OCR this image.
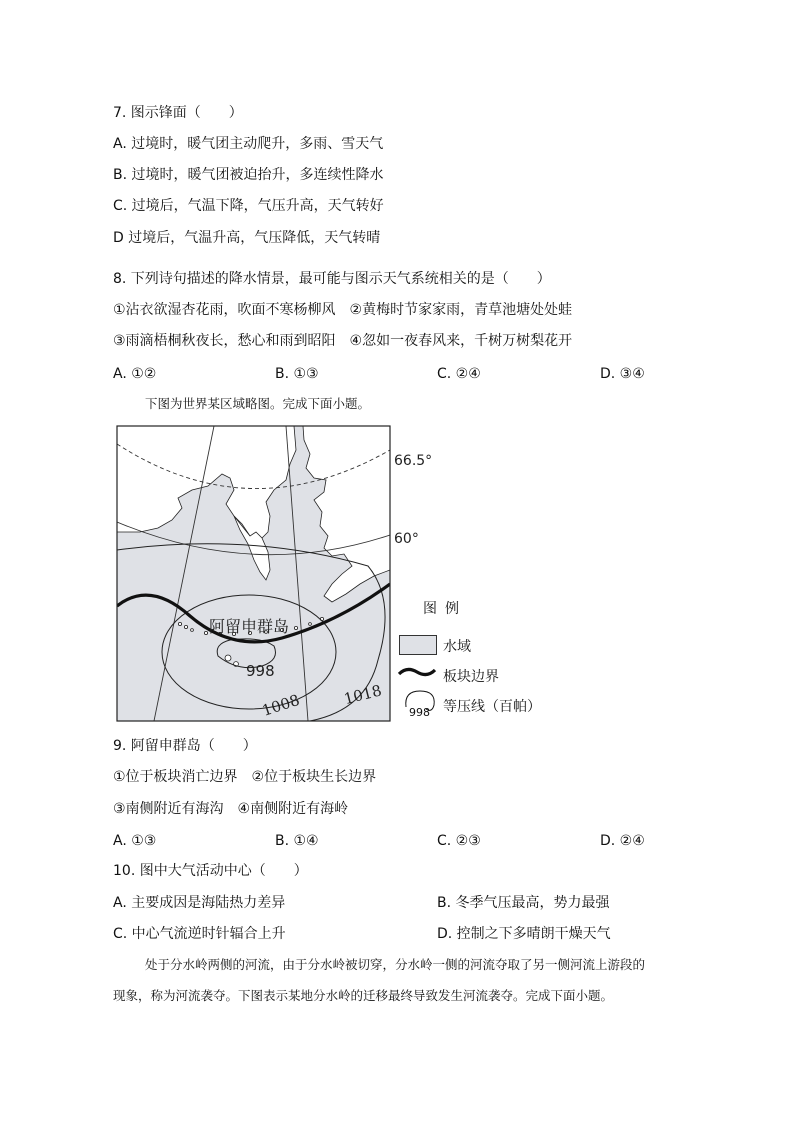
7. 图示锋面（　　）
A. 过境时，暖气团主动爬升，多雨、雪天气
B. 过境时，暖气团被迫抬升，多连续性降水
C. 过境后，气温下降，气压升高，天气转好
D 过境后，气温升高，气压降低，天气转晴
8. 下列诗句描述的降水情景，最可能与图示天气系统相关的是（　　）
①沾衣欲湿杏花雨，吹面不寒杨柳风　②黄梅时节家家雨，青草池塘处处蛙
③雨滴梧桐秋夜长，愁心和雨到昭阳　④忽如一夜春风来，千树万树梨花开
A. ①②	B. ①③	C. ②④	D. ③④
下图为世界某区域略图。完成下面小题。
66.5°
60°
阿留申群岛
998
1008	1018
图例
水域
板块边界
998 等压线（百帕）
9. 阿留申群岛（　　）
①位于板块消亡边界　②位于板块生长边界
③南侧附近有海沟　④南侧附近有海岭
A. ①③	B. ①④	C. ②③	D. ②④
10. 图中大气活动中心（　　）
A. 主要成因是海陆热力差异	B. 冬季气压最高，势力最强
C. 中心气流逆时针辐合上升	D. 控制之下多晴朗干燥天气
处于分水岭两侧的河流，由于分水岭被切穿，分水岭一侧的河流夺取了另一侧河流上游段的
现象，称为河流袭夺。下图表示某地分水岭的迁移最终导致发生河流袭夺。完成下面小题。
